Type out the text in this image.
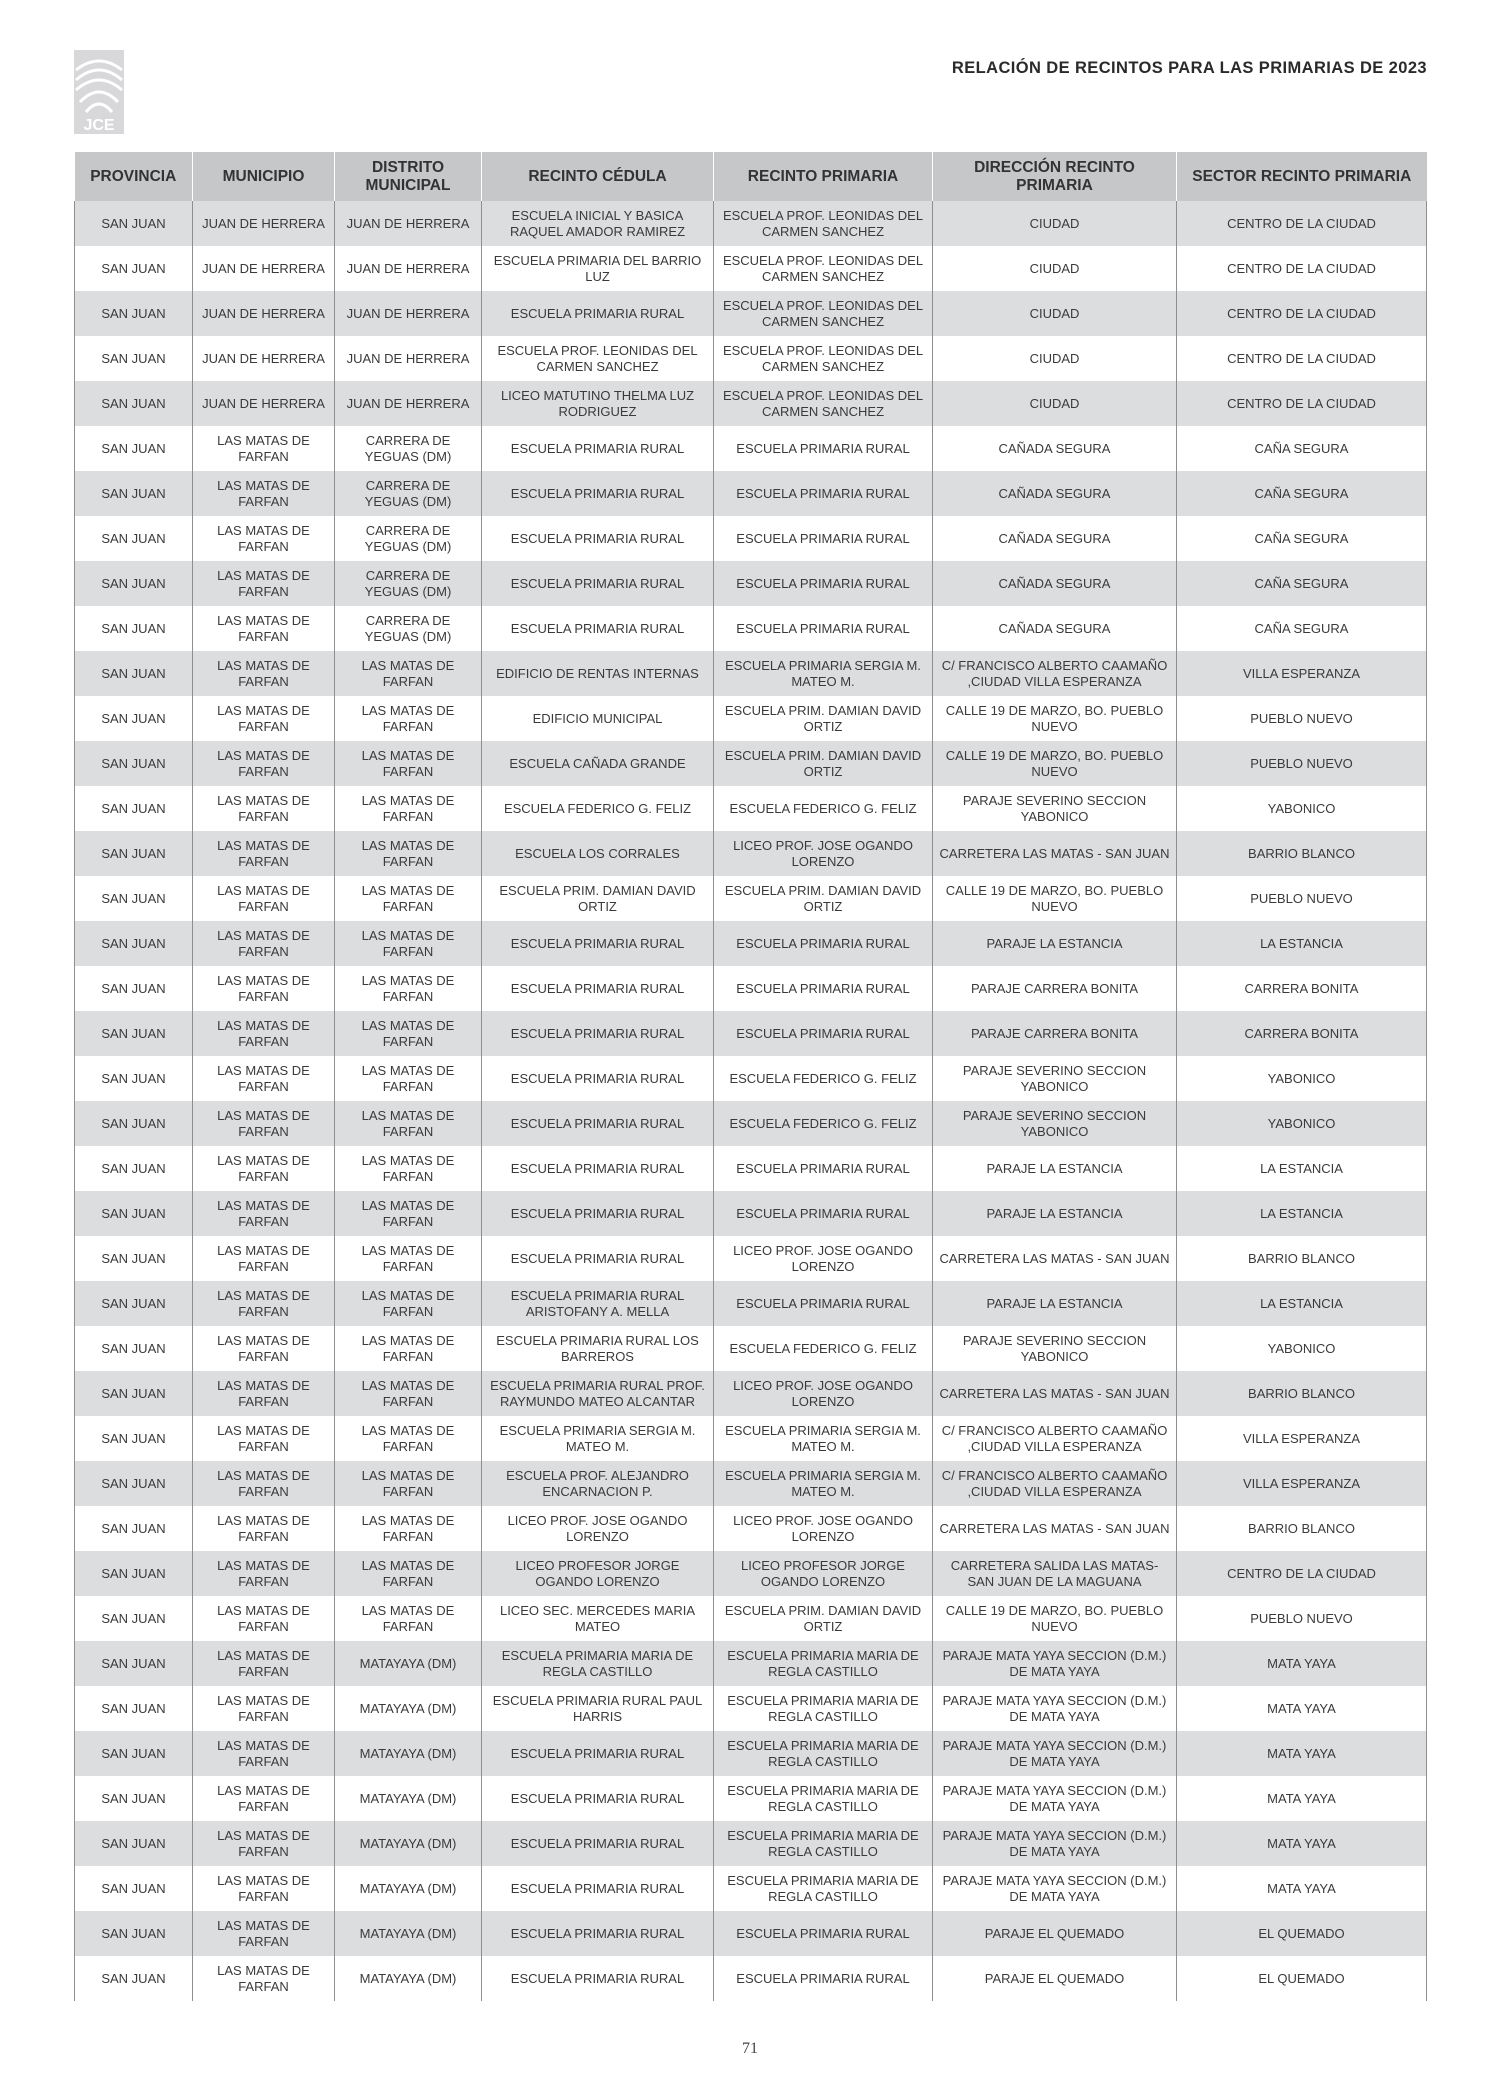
JCE
RELACIÓN DE RECINTOS PARA LAS PRIMARIAS DE 2023
PROVINCIA	MUNICIPIO	DISTRITO MUNICIPAL	RECINTO CÉDULA	RECINTO PRIMARIA	DIRECCIÓN RECINTO PRIMARIA	SECTOR RECINTO PRIMARIA
SAN JUAN	JUAN DE HERRERA	JUAN DE HERRERA	ESCUELA INICIAL Y BASICA RAQUEL AMADOR RAMIREZ	ESCUELA PROF. LEONIDAS DEL CARMEN SANCHEZ	CIUDAD	CENTRO DE LA CIUDAD
SAN JUAN	JUAN DE HERRERA	JUAN DE HERRERA	ESCUELA PRIMARIA DEL BARRIO LUZ	ESCUELA PROF. LEONIDAS DEL CARMEN SANCHEZ	CIUDAD	CENTRO DE LA CIUDAD
SAN JUAN	JUAN DE HERRERA	JUAN DE HERRERA	ESCUELA PRIMARIA RURAL	ESCUELA PROF. LEONIDAS DEL CARMEN SANCHEZ	CIUDAD	CENTRO DE LA CIUDAD
SAN JUAN	JUAN DE HERRERA	JUAN DE HERRERA	ESCUELA PROF. LEONIDAS DEL CARMEN SANCHEZ	ESCUELA PROF. LEONIDAS DEL CARMEN SANCHEZ	CIUDAD	CENTRO DE LA CIUDAD
SAN JUAN	JUAN DE HERRERA	JUAN DE HERRERA	LICEO MATUTINO THELMA LUZ RODRIGUEZ	ESCUELA PROF. LEONIDAS DEL CARMEN SANCHEZ	CIUDAD	CENTRO DE LA CIUDAD
SAN JUAN	LAS MATAS DE FARFAN	CARRERA DE YEGUAS (DM)	ESCUELA PRIMARIA RURAL	ESCUELA PRIMARIA RURAL	CAÑADA SEGURA	CAÑA SEGURA
SAN JUAN	LAS MATAS DE FARFAN	CARRERA DE YEGUAS (DM)	ESCUELA PRIMARIA RURAL	ESCUELA PRIMARIA RURAL	CAÑADA SEGURA	CAÑA SEGURA
SAN JUAN	LAS MATAS DE FARFAN	CARRERA DE YEGUAS (DM)	ESCUELA PRIMARIA RURAL	ESCUELA PRIMARIA RURAL	CAÑADA SEGURA	CAÑA SEGURA
SAN JUAN	LAS MATAS DE FARFAN	CARRERA DE YEGUAS (DM)	ESCUELA PRIMARIA RURAL	ESCUELA PRIMARIA RURAL	CAÑADA SEGURA	CAÑA SEGURA
SAN JUAN	LAS MATAS DE FARFAN	CARRERA DE YEGUAS (DM)	ESCUELA PRIMARIA RURAL	ESCUELA PRIMARIA RURAL	CAÑADA SEGURA	CAÑA SEGURA
SAN JUAN	LAS MATAS DE FARFAN	LAS MATAS DE FARFAN	EDIFICIO DE RENTAS INTERNAS	ESCUELA PRIMARIA SERGIA M. MATEO M.	C/ FRANCISCO ALBERTO CAAMAÑO ,CIUDAD VILLA ESPERANZA	VILLA ESPERANZA
SAN JUAN	LAS MATAS DE FARFAN	LAS MATAS DE FARFAN	EDIFICIO MUNICIPAL	ESCUELA PRIM. DAMIAN DAVID ORTIZ	CALLE 19 DE MARZO, BO. PUEBLO NUEVO	PUEBLO NUEVO
SAN JUAN	LAS MATAS DE FARFAN	LAS MATAS DE FARFAN	ESCUELA CAÑADA GRANDE	ESCUELA PRIM. DAMIAN DAVID ORTIZ	CALLE 19 DE MARZO, BO. PUEBLO NUEVO	PUEBLO NUEVO
SAN JUAN	LAS MATAS DE FARFAN	LAS MATAS DE FARFAN	ESCUELA FEDERICO G. FELIZ	ESCUELA FEDERICO G. FELIZ	PARAJE SEVERINO SECCION YABONICO	YABONICO
SAN JUAN	LAS MATAS DE FARFAN	LAS MATAS DE FARFAN	ESCUELA LOS CORRALES	LICEO PROF. JOSE OGANDO LORENZO	CARRETERA LAS MATAS - SAN JUAN	BARRIO BLANCO
SAN JUAN	LAS MATAS DE FARFAN	LAS MATAS DE FARFAN	ESCUELA PRIM. DAMIAN DAVID ORTIZ	ESCUELA PRIM. DAMIAN DAVID ORTIZ	CALLE 19 DE MARZO, BO. PUEBLO NUEVO	PUEBLO NUEVO
SAN JUAN	LAS MATAS DE FARFAN	LAS MATAS DE FARFAN	ESCUELA PRIMARIA RURAL	ESCUELA PRIMARIA RURAL	PARAJE LA ESTANCIA	LA ESTANCIA
SAN JUAN	LAS MATAS DE FARFAN	LAS MATAS DE FARFAN	ESCUELA PRIMARIA RURAL	ESCUELA PRIMARIA RURAL	PARAJE CARRERA BONITA	CARRERA BONITA
SAN JUAN	LAS MATAS DE FARFAN	LAS MATAS DE FARFAN	ESCUELA PRIMARIA RURAL	ESCUELA PRIMARIA RURAL	PARAJE CARRERA BONITA	CARRERA BONITA
SAN JUAN	LAS MATAS DE FARFAN	LAS MATAS DE FARFAN	ESCUELA PRIMARIA RURAL	ESCUELA FEDERICO G. FELIZ	PARAJE SEVERINO SECCION YABONICO	YABONICO
SAN JUAN	LAS MATAS DE FARFAN	LAS MATAS DE FARFAN	ESCUELA PRIMARIA RURAL	ESCUELA FEDERICO G. FELIZ	PARAJE SEVERINO SECCION YABONICO	YABONICO
SAN JUAN	LAS MATAS DE FARFAN	LAS MATAS DE FARFAN	ESCUELA PRIMARIA RURAL	ESCUELA PRIMARIA RURAL	PARAJE LA ESTANCIA	LA ESTANCIA
SAN JUAN	LAS MATAS DE FARFAN	LAS MATAS DE FARFAN	ESCUELA PRIMARIA RURAL	ESCUELA PRIMARIA RURAL	PARAJE LA ESTANCIA	LA ESTANCIA
SAN JUAN	LAS MATAS DE FARFAN	LAS MATAS DE FARFAN	ESCUELA PRIMARIA RURAL	LICEO PROF. JOSE OGANDO LORENZO	CARRETERA LAS MATAS - SAN JUAN	BARRIO BLANCO
SAN JUAN	LAS MATAS DE FARFAN	LAS MATAS DE FARFAN	ESCUELA PRIMARIA RURAL ARISTOFANY A. MELLA	ESCUELA PRIMARIA RURAL	PARAJE LA ESTANCIA	LA ESTANCIA
SAN JUAN	LAS MATAS DE FARFAN	LAS MATAS DE FARFAN	ESCUELA PRIMARIA RURAL LOS BARREROS	ESCUELA FEDERICO G. FELIZ	PARAJE SEVERINO SECCION YABONICO	YABONICO
SAN JUAN	LAS MATAS DE FARFAN	LAS MATAS DE FARFAN	ESCUELA PRIMARIA RURAL PROF. RAYMUNDO MATEO ALCANTAR	LICEO PROF. JOSE OGANDO LORENZO	CARRETERA LAS MATAS - SAN JUAN	BARRIO BLANCO
SAN JUAN	LAS MATAS DE FARFAN	LAS MATAS DE FARFAN	ESCUELA PRIMARIA SERGIA M. MATEO M.	ESCUELA PRIMARIA SERGIA M. MATEO M.	C/ FRANCISCO ALBERTO CAAMAÑO ,CIUDAD VILLA ESPERANZA	VILLA ESPERANZA
SAN JUAN	LAS MATAS DE FARFAN	LAS MATAS DE FARFAN	ESCUELA PROF. ALEJANDRO ENCARNACION P.	ESCUELA PRIMARIA SERGIA M. MATEO M.	C/ FRANCISCO ALBERTO CAAMAÑO ,CIUDAD VILLA ESPERANZA	VILLA ESPERANZA
SAN JUAN	LAS MATAS DE FARFAN	LAS MATAS DE FARFAN	LICEO PROF. JOSE OGANDO LORENZO	LICEO PROF. JOSE OGANDO LORENZO	CARRETERA LAS MATAS - SAN JUAN	BARRIO BLANCO
SAN JUAN	LAS MATAS DE FARFAN	LAS MATAS DE FARFAN	LICEO PROFESOR JORGE OGANDO LORENZO	LICEO PROFESOR JORGE OGANDO LORENZO	CARRETERA SALIDA LAS MATAS-SAN JUAN DE LA MAGUANA	CENTRO DE LA CIUDAD
SAN JUAN	LAS MATAS DE FARFAN	LAS MATAS DE FARFAN	LICEO SEC. MERCEDES MARIA MATEO	ESCUELA PRIM. DAMIAN DAVID ORTIZ	CALLE 19 DE MARZO, BO. PUEBLO NUEVO	PUEBLO NUEVO
SAN JUAN	LAS MATAS DE FARFAN	MATAYAYA (DM)	ESCUELA PRIMARIA MARIA DE REGLA CASTILLO	ESCUELA PRIMARIA MARIA DE REGLA CASTILLO	PARAJE MATA YAYA SECCION (D.M.) DE MATA YAYA	MATA YAYA
SAN JUAN	LAS MATAS DE FARFAN	MATAYAYA (DM)	ESCUELA PRIMARIA RURAL PAUL HARRIS	ESCUELA PRIMARIA MARIA DE REGLA CASTILLO	PARAJE MATA YAYA SECCION (D.M.) DE MATA YAYA	MATA YAYA
SAN JUAN	LAS MATAS DE FARFAN	MATAYAYA (DM)	ESCUELA PRIMARIA RURAL	ESCUELA PRIMARIA MARIA DE REGLA CASTILLO	PARAJE MATA YAYA SECCION (D.M.) DE MATA YAYA	MATA YAYA
SAN JUAN	LAS MATAS DE FARFAN	MATAYAYA (DM)	ESCUELA PRIMARIA RURAL	ESCUELA PRIMARIA MARIA DE REGLA CASTILLO	PARAJE MATA YAYA SECCION (D.M.) DE MATA YAYA	MATA YAYA
SAN JUAN	LAS MATAS DE FARFAN	MATAYAYA (DM)	ESCUELA PRIMARIA RURAL	ESCUELA PRIMARIA MARIA DE REGLA CASTILLO	PARAJE MATA YAYA SECCION (D.M.) DE MATA YAYA	MATA YAYA
SAN JUAN	LAS MATAS DE FARFAN	MATAYAYA (DM)	ESCUELA PRIMARIA RURAL	ESCUELA PRIMARIA MARIA DE REGLA CASTILLO	PARAJE MATA YAYA SECCION (D.M.) DE MATA YAYA	MATA YAYA
SAN JUAN	LAS MATAS DE FARFAN	MATAYAYA (DM)	ESCUELA PRIMARIA RURAL	ESCUELA PRIMARIA RURAL	PARAJE EL QUEMADO	EL QUEMADO
SAN JUAN	LAS MATAS DE FARFAN	MATAYAYA (DM)	ESCUELA PRIMARIA RURAL	ESCUELA PRIMARIA RURAL	PARAJE EL QUEMADO	EL QUEMADO

71
